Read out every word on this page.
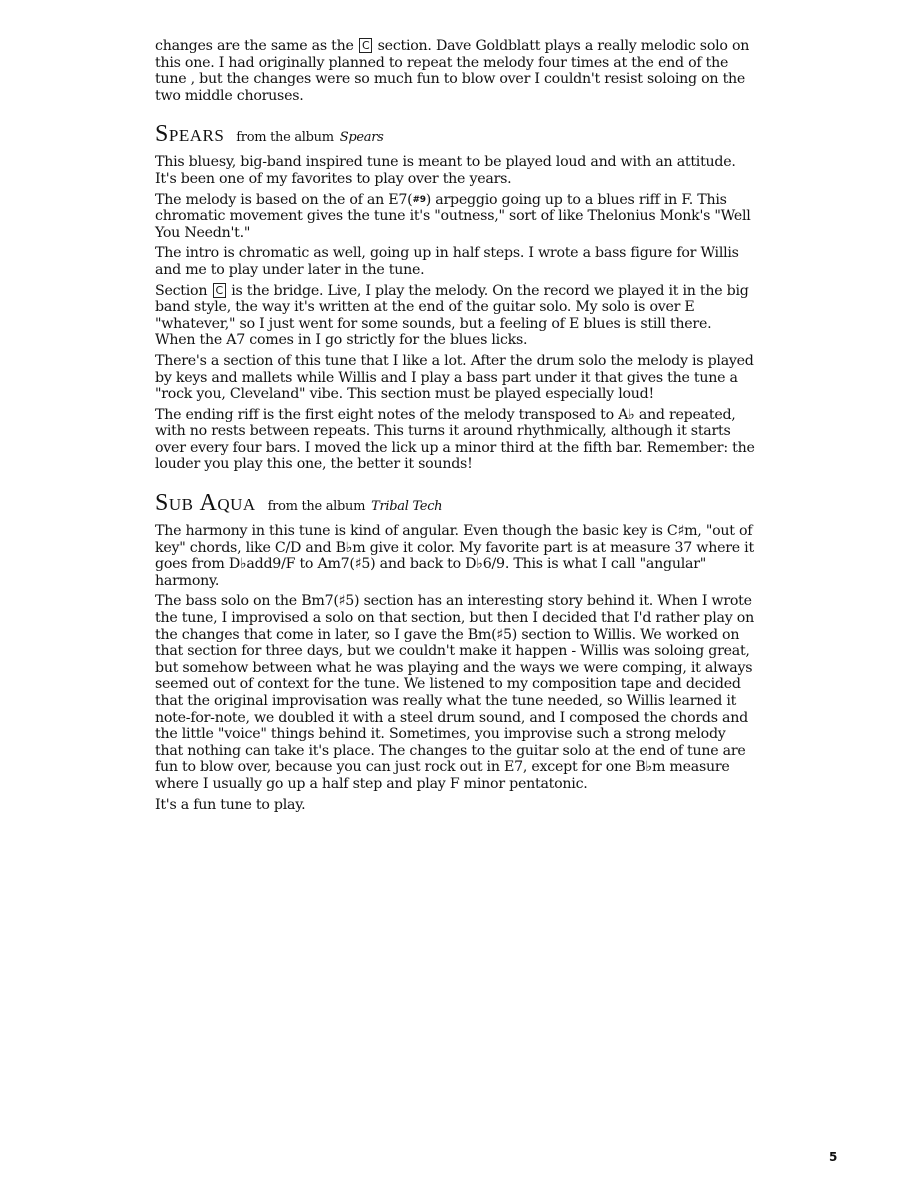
changes are the same as the C section. Dave Goldblatt plays a really melodic solo on this one. I had originally planned to repeat the melody four times at the end of the tune , but the changes were so much fun to blow over I couldn't resist soloing on the two middle choruses.

SPEARS from the album Spears

This bluesy, big-band inspired tune is meant to be played loud and with an attitude. It's been one of my favorites to play over the years.

The melody is based on the of an E7(#9) arpeggio going up to a blues riff in F. This chromatic movement gives the tune it's "outness," sort of like Thelonius Monk's "Well You Needn't."

The intro is chromatic as well, going up in half steps. I wrote a bass figure for Willis and me to play under later in the tune.

Section C is the bridge. Live, I play the melody. On the record we played it in the big band style, the way it's written at the end of the guitar solo. My solo is over E "whatever," so I just went for some sounds, but a feeling of E blues is still there. When the A7 comes in I go strictly for the blues licks.

There's a section of this tune that I like a lot. After the drum solo the melody is played by keys and mallets while Willis and I play a bass part under it that gives the tune a "rock you, Cleveland" vibe. This section must be played especially loud!

The ending riff is the first eight notes of the melody transposed to A♭ and repeated, with no rests between repeats. This turns it around rhythmically, although it starts over every four bars. I moved the lick up a minor third at the fifth bar. Remember: the louder you play this one, the better it sounds!

SUB AQUA from the album Tribal Tech

The harmony in this tune is kind of angular. Even though the basic key is C♯m, "out of key" chords, like C/D and B♭m give it color. My favorite part is at measure 37 where it goes from D♭add9/F to Am7(♯5) and back to D♭6/9. This is what I call "angular" harmony.

The bass solo on the Bm7(♯5) section has an interesting story behind it. When I wrote the tune, I improvised a solo on that section, but then I decided that I'd rather play on the changes that come in later, so I gave the Bm(♯5) section to Willis. We worked on that section for three days, but we couldn't make it happen - Willis was soloing great, but somehow between what he was playing and the ways we were comping, it always seemed out of context for the tune. We listened to my composition tape and decided that the original improvisation was really what the tune needed, so Willis learned it note-for-note, we doubled it with a steel drum sound, and I composed the chords and the little "voice" things behind it. Sometimes, you improvise such a strong melody that nothing can take it's place. The changes to the guitar solo at the end of tune are fun to blow over, because you can just rock out in E7, except for one B♭m measure where I usually go up a half step and play F minor pentatonic.

It's a fun tune to play.

5
